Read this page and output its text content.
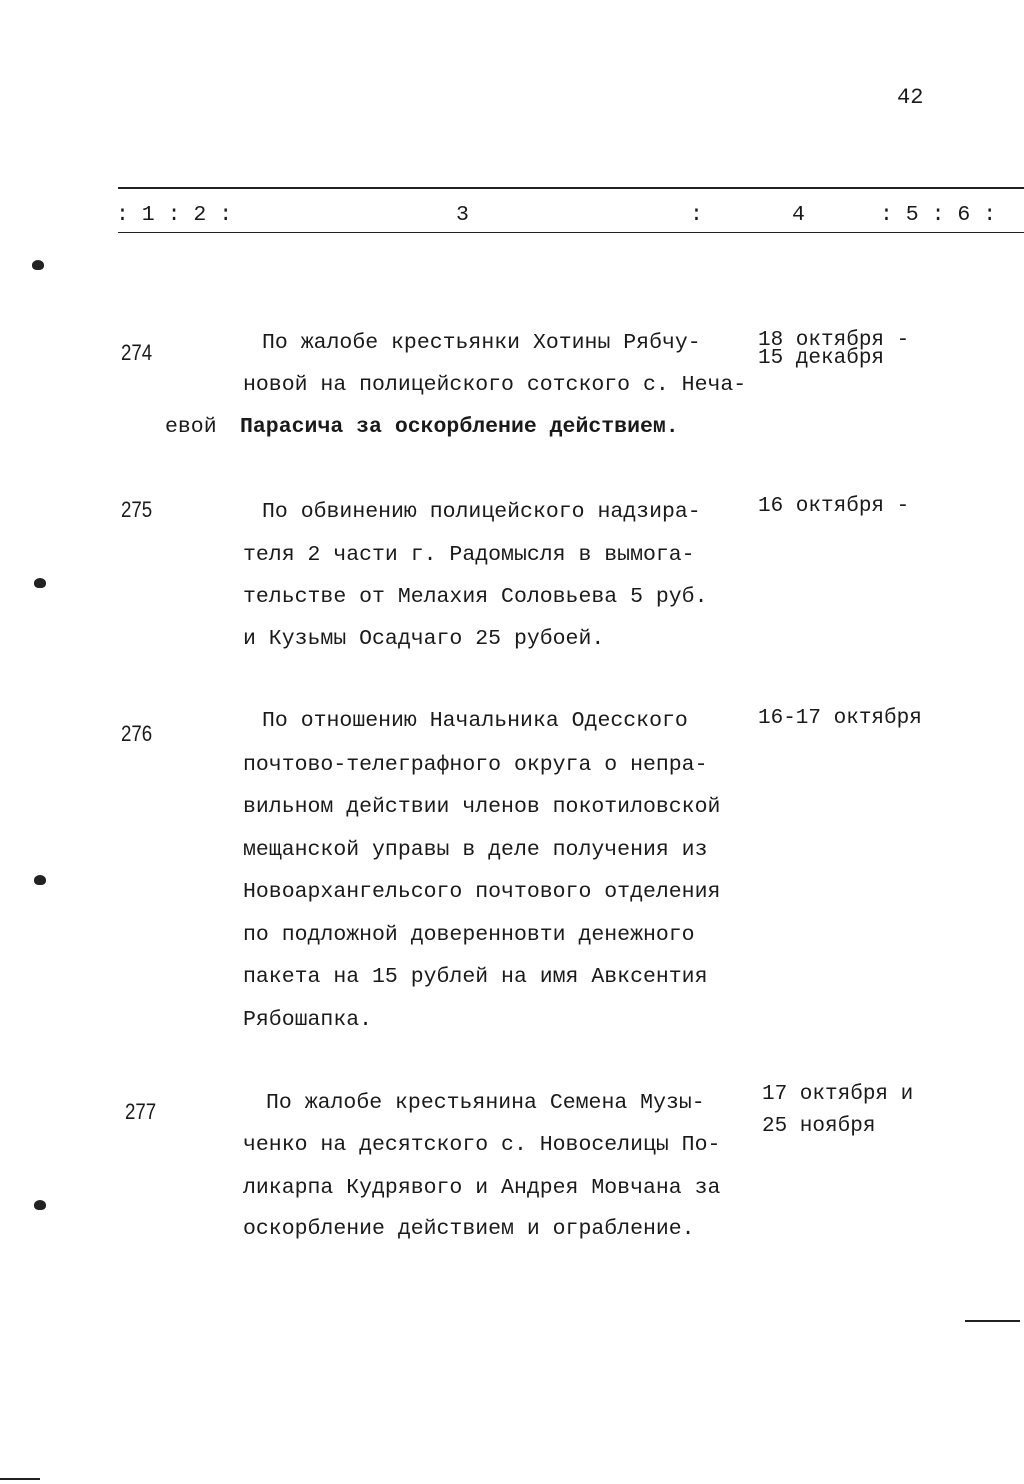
42
: 1 : 2 :	3	:	4	: 5 : 6 :
274	По жалобе крестьянки Хотины Рябчу-
новой на полицейского сотского с. Неча-
евой Парасича за оскорбление действием.
18 октября -
15 декабря
275	По обвинению полицейского надзира-
теля 2 части г. Радомысля в вымога-
тельстве от Мелахия Соловьева 5 руб.
и Кузьмы Осадчаго 25 рубоей.
16 октября -
276	По отношению Начальника Одесского
почтово-телеграфного округа о непра-
вильном действии членов покотиловской
мещанской управы в деле получения из
Новоархангельсого почтового отделения
по подложной доверенновти денежного
пакета на 15 рублей на имя Авксентия
Рябошапка.
16-17 октября
277	По жалобе крестьянина Семена Музы-
ченко на десятского с. Новоселицы По-
ликарпа Кудрявого и Андрея Мовчана за
оскорбление действием и ограбление.
17 октября и
25 ноября
